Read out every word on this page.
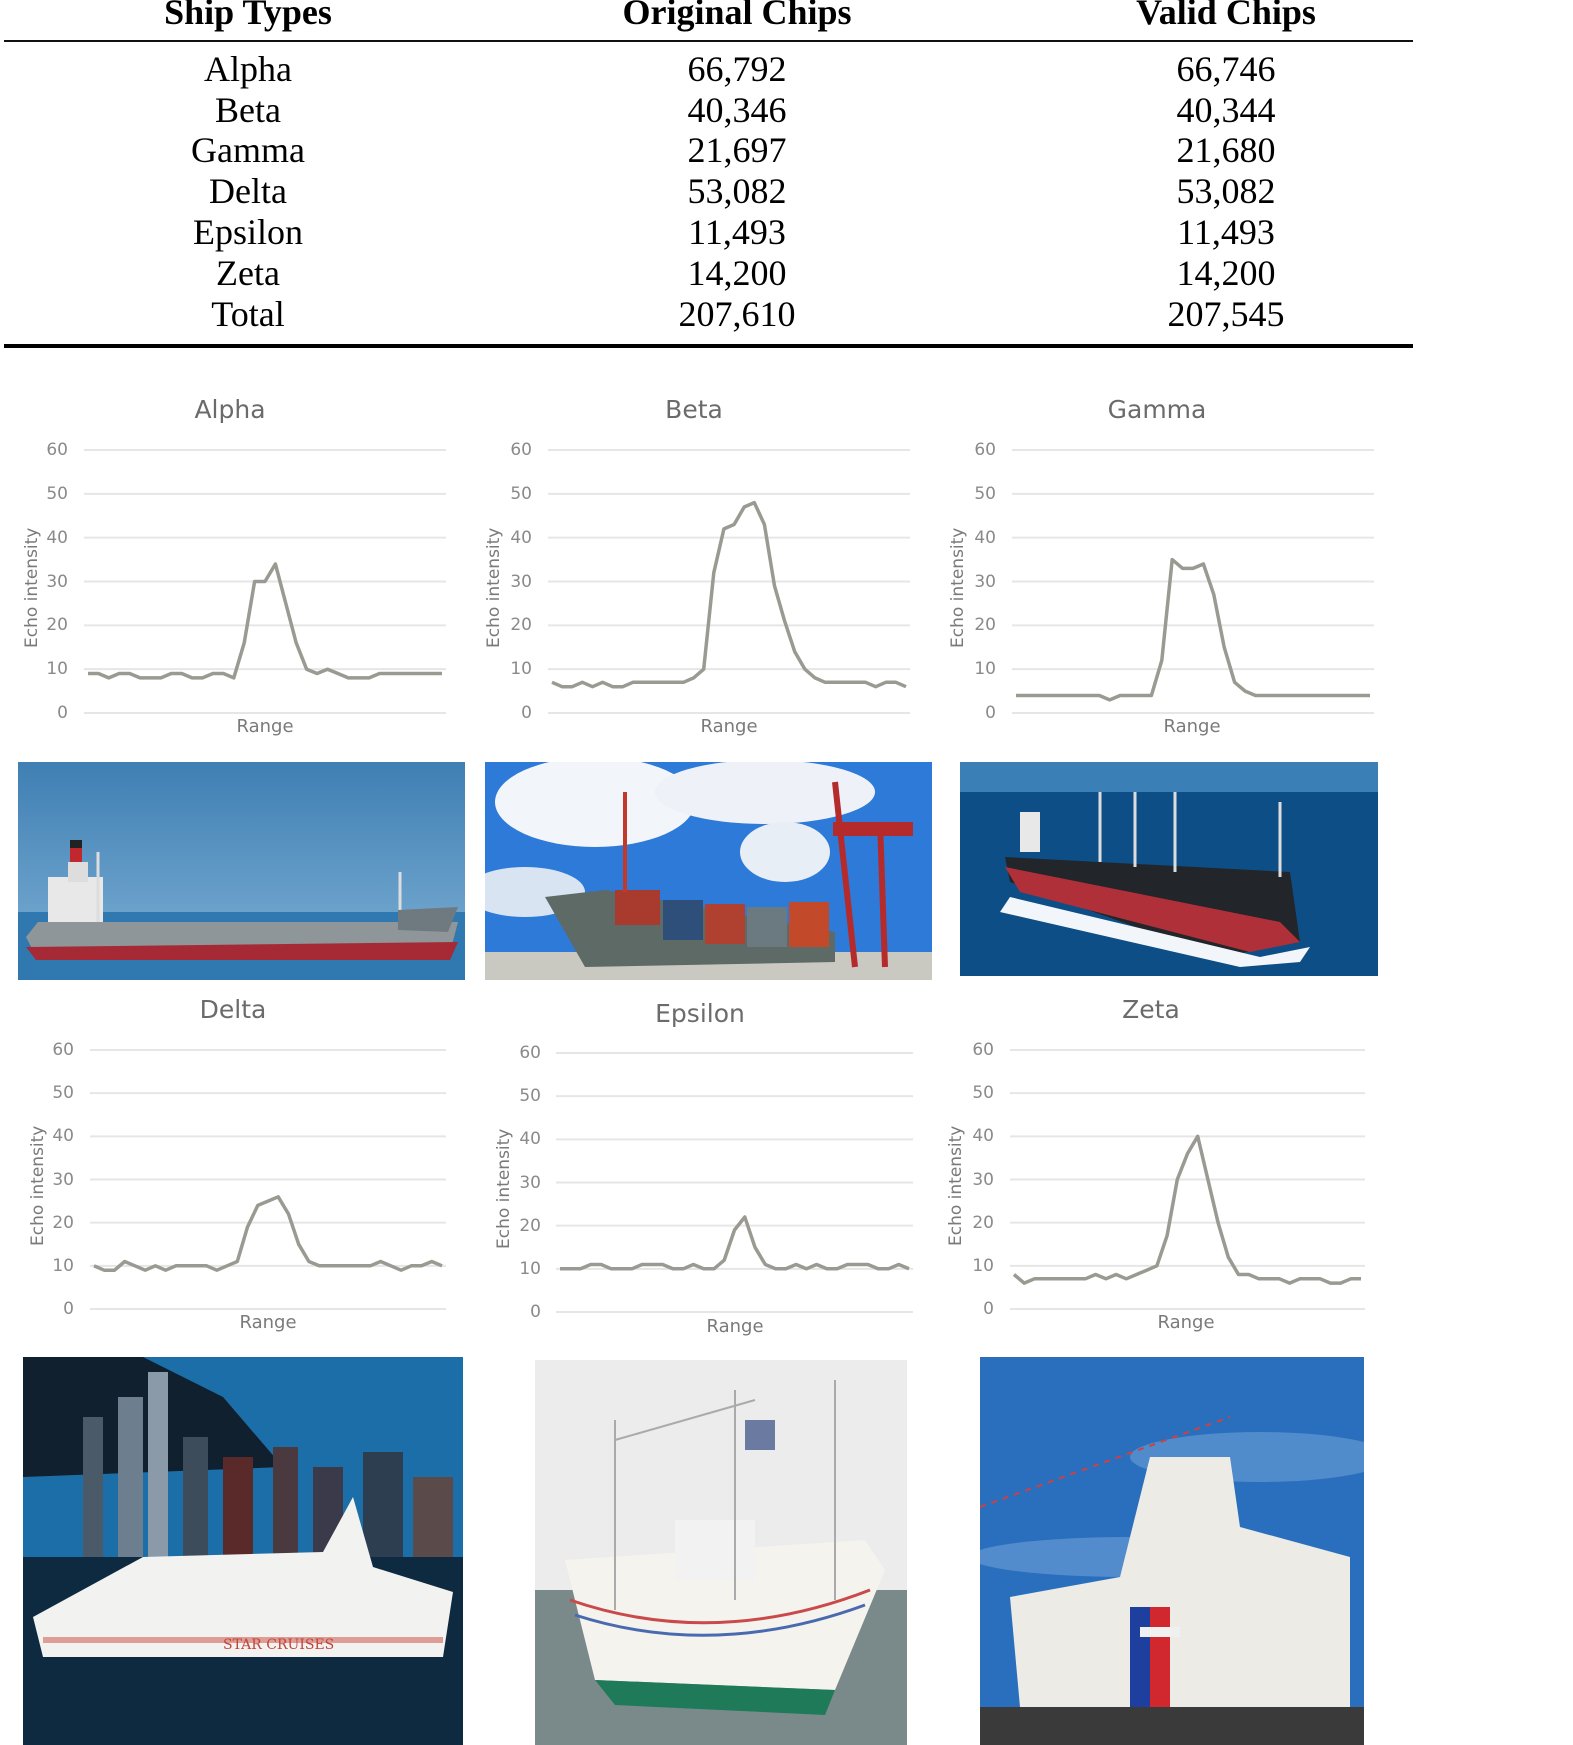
Ship Types	Original Chips	Valid Chips
Alpha	66,792	66,746
Beta	40,346	40,344
Gamma	21,697	21,680
Delta	53,082	53,082
Epsilon	11,493	11,493
Zeta	14,200	14,200
Total	207,610	207,545
Alpha
0
10
20
30
40
50
60
Echo intensity
Range
Beta
0
10
20
30
40
50
60
Echo intensity
Range
Gamma
0
10
20
30
40
50
60
Echo intensity
Range
Delta
0
10
20
30
40
50
60
Echo intensity
Range
Epsilon
0
10
20
30
40
50
60
Echo intensity
Range
Zeta
0
10
20
30
40
50
60
Echo intensity
Range
STAR CRUISES
